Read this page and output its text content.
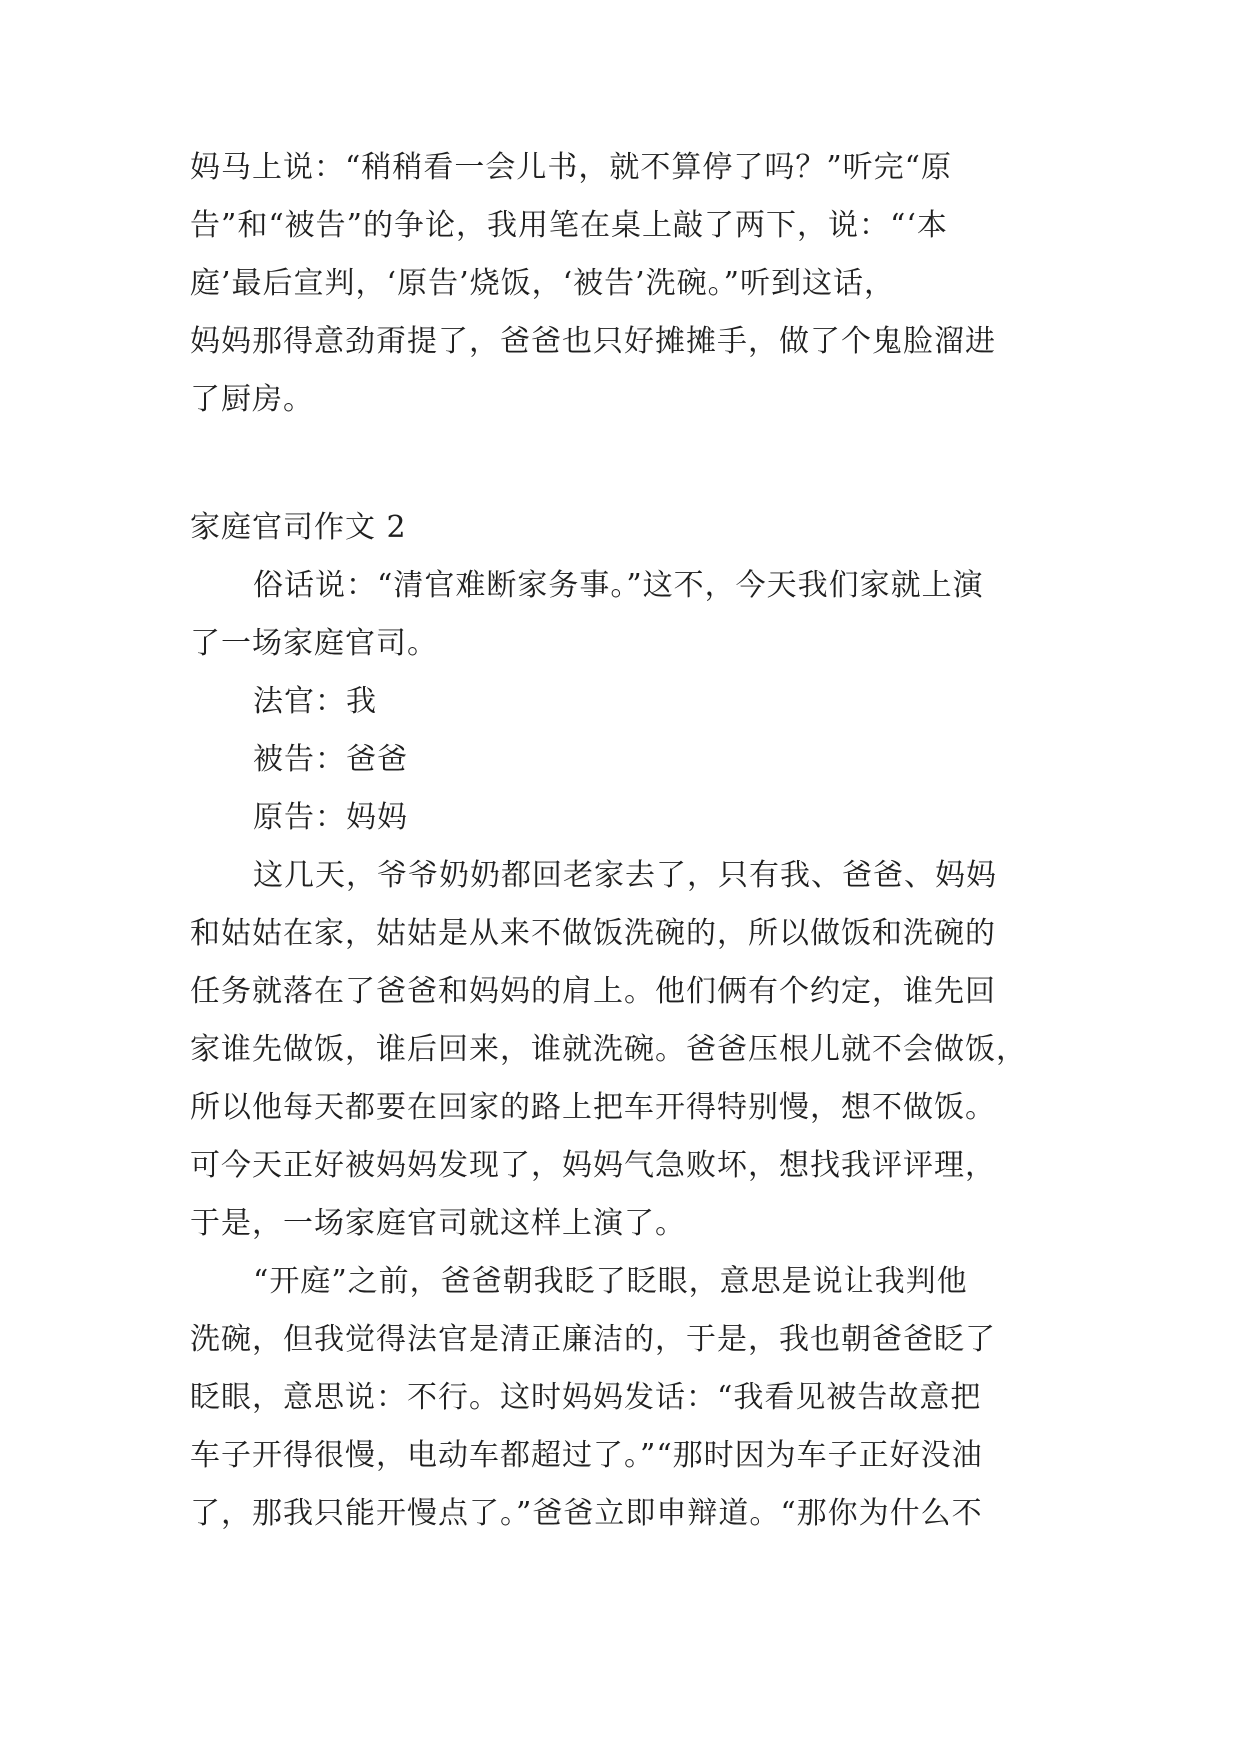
妈马上说：“稍稍看一会儿书，就不算停了吗？”听完“原
告”和“被告”的争论，我用笔在桌上敲了两下，说：“‘本
庭’最后宣判，‘原告’烧饭，‘被告’洗碗。”听到这话，
妈妈那得意劲甭提了，爸爸也只好摊摊手，做了个鬼脸溜进
了厨房。
家庭官司作文 2
俗话说：“清官难断家务事。”这不，今天我们家就上演
了一场家庭官司。
法官：我
被告：爸爸
原告：妈妈
这几天，爷爷奶奶都回老家去了，只有我、爸爸、妈妈
和姑姑在家，姑姑是从来不做饭洗碗的，所以做饭和洗碗的
任务就落在了爸爸和妈妈的肩上。他们俩有个约定，谁先回
家谁先做饭，谁后回来，谁就洗碗。爸爸压根儿就不会做饭，
所以他每天都要在回家的路上把车开得特别慢，想不做饭。
可今天正好被妈妈发现了，妈妈气急败坏，想找我评评理，
于是，一场家庭官司就这样上演了。
“开庭”之前，爸爸朝我眨了眨眼，意思是说让我判他
洗碗，但我觉得法官是清正廉洁的，于是，我也朝爸爸眨了
眨眼，意思说：不行。这时妈妈发话：“我看见被告故意把
车子开得很慢，电动车都超过了。”“那时因为车子正好没油
了，那我只能开慢点了。”爸爸立即申辩道。“那你为什么不
